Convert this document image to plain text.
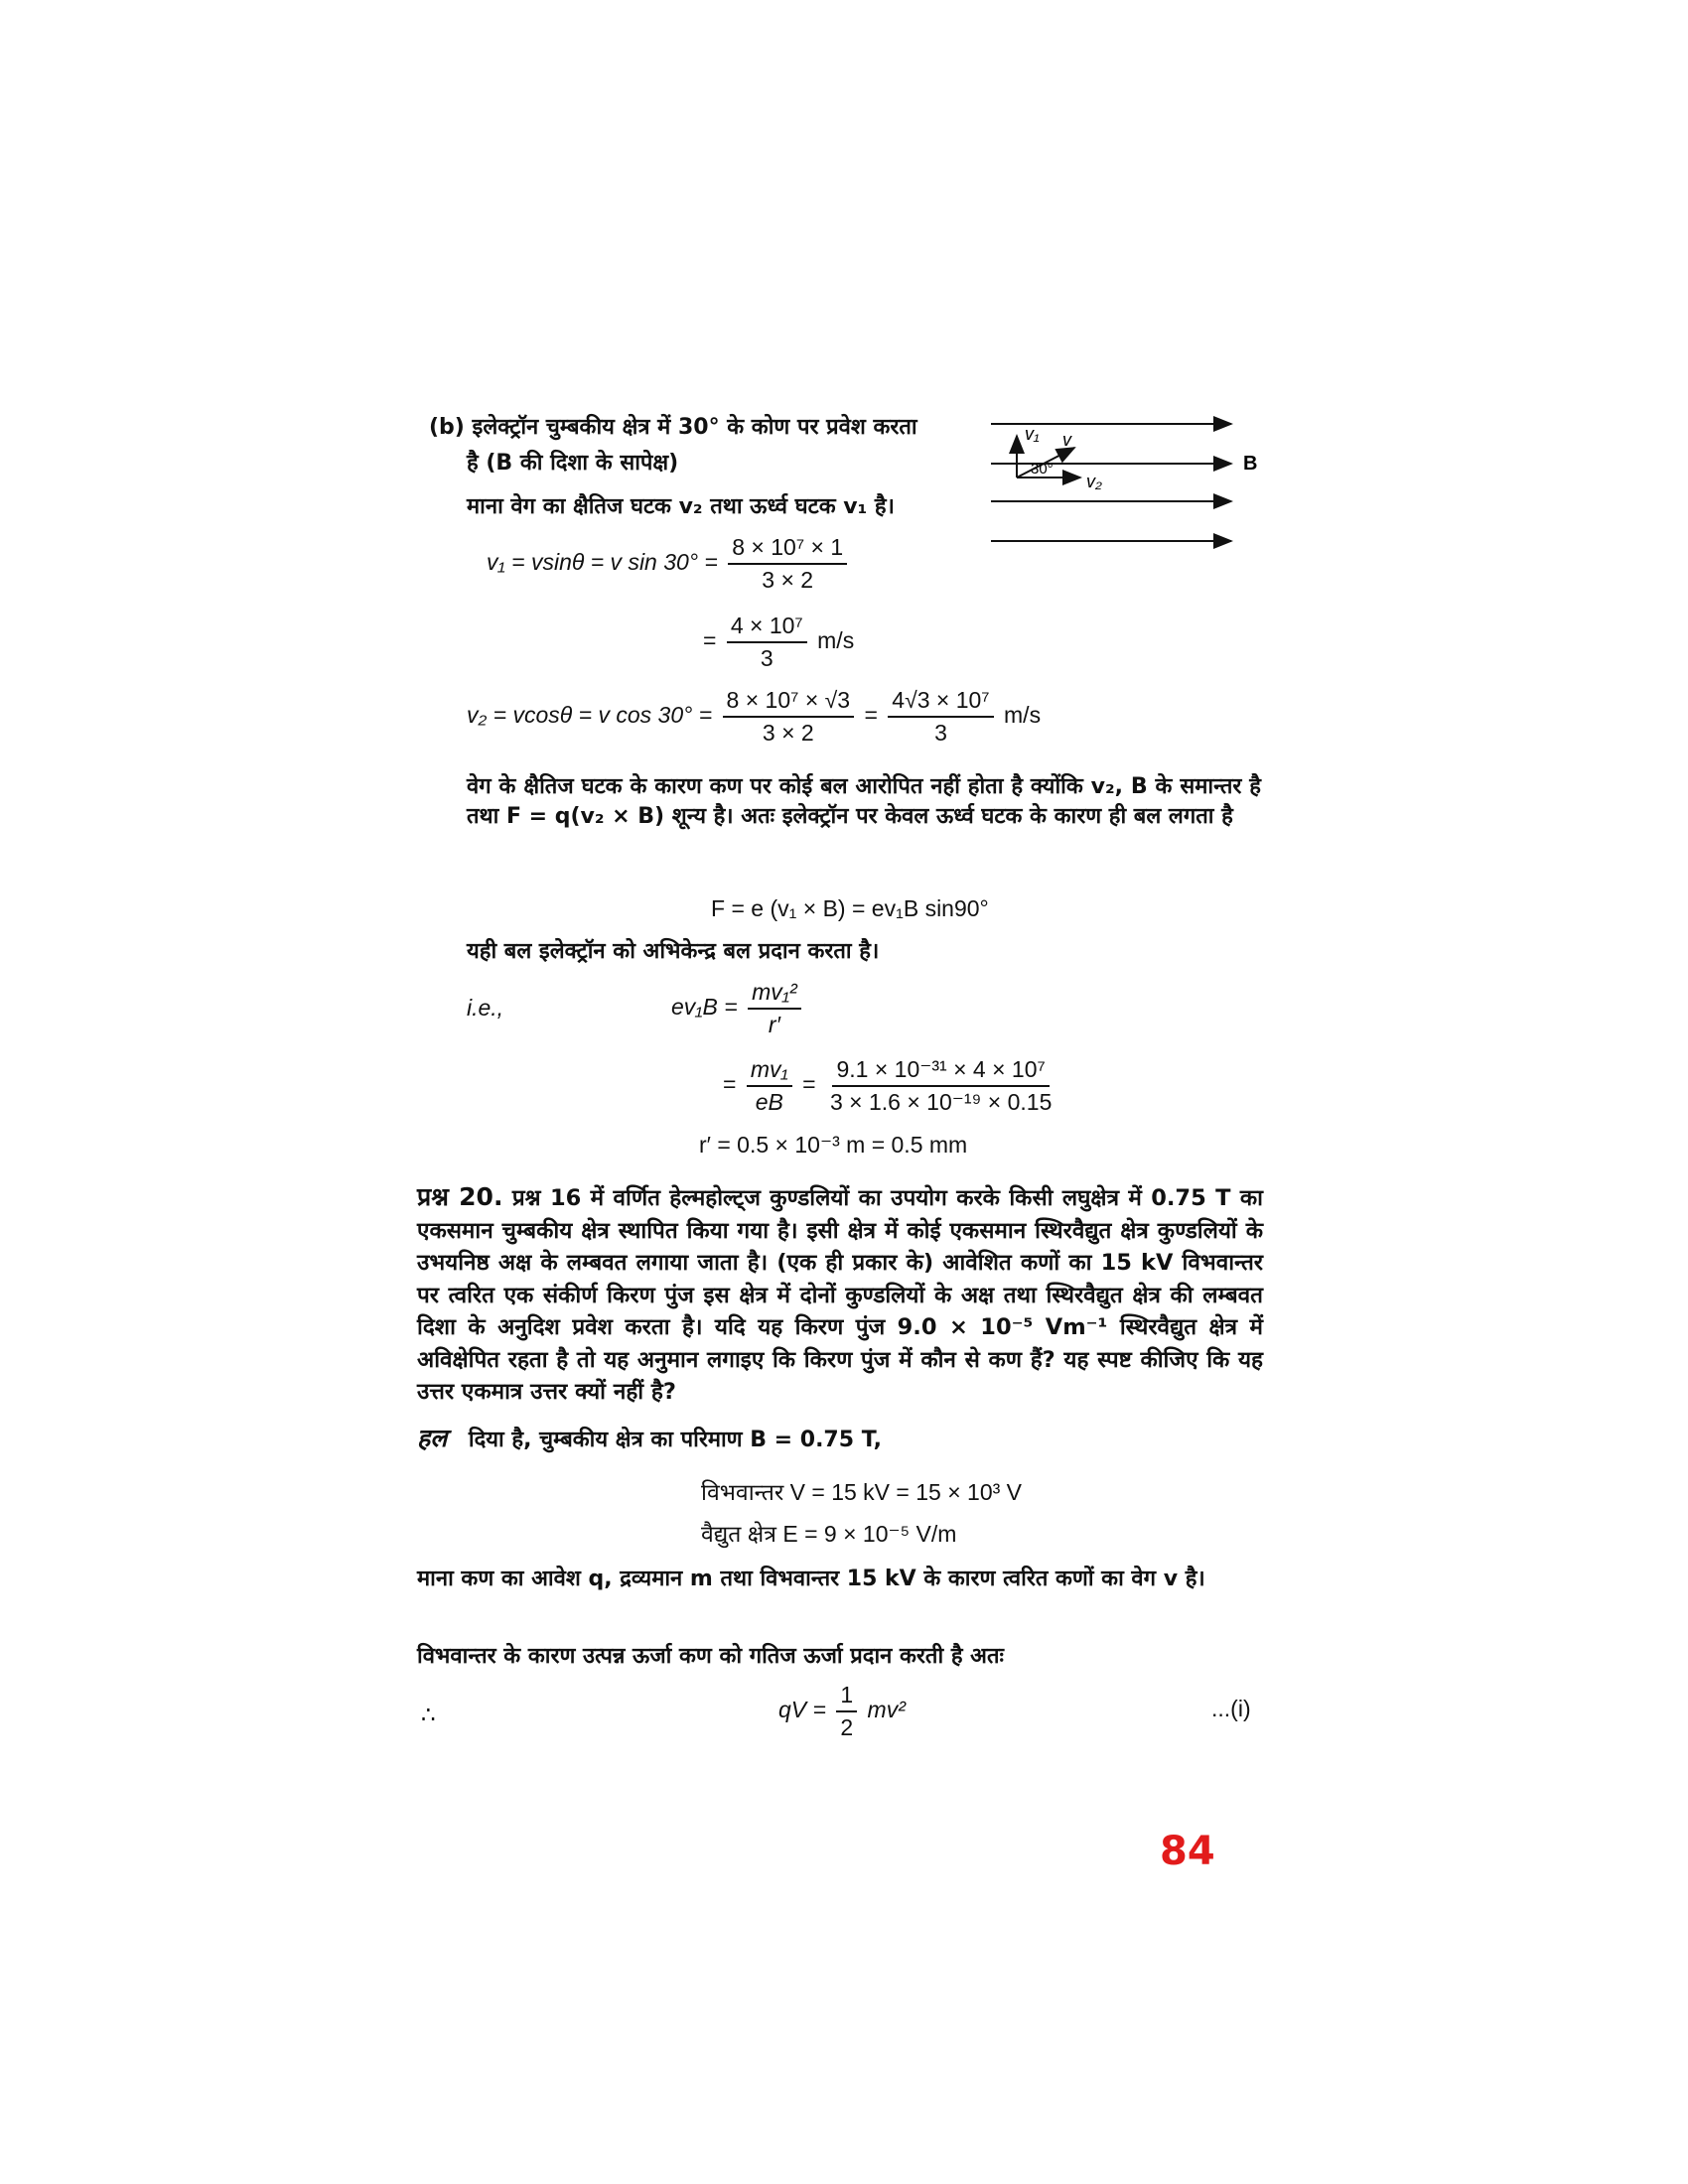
(b) इलेक्ट्रॉन चुम्बकीय क्षेत्र में 30° के कोण पर प्रवेश करता
है (B की दिशा के सापेक्ष)
माना वेग का क्षैतिज घटक v₂ तथा ऊर्ध्व घटक v₁ है।
v₁ v
30°
v₂
B
v₁ = vsinθ = v $\sin 30^\circ = \frac{\text{8 × 10⁷ × 1}}{3 \times 2}$
= $\frac{\text{4 × 10⁷}}{3} m/s$
v₂ = vcosθ = v $\cos 30^\circ = \frac{\text{8 × 10⁷ × √3}}{3 \times 2} = \frac{\text{4√3 × 10⁷}}{3} m/s$
वेग के क्षैतिज घटक के कारण कण पर कोई बल आरोपित नहीं होता है क्योंकि v₂, B के समान्तर है तथा F = q(v₂ × B) शून्य है। अतः इलेक्ट्रॉन पर केवल ऊर्ध्व घटक के कारण ही बल लगता है
F = e (v₁ × B) = ev₁B sin90°
यही बल इलेक्ट्रॉन को अभिकेन्द्र बल प्रदान करता है।
i.e.,	$ev_1B = \frac{\text{mv₁²}}{r'}$
= $\frac{\text{mv₁}}{eB} = \frac{\text{9.1 × 10⁻³¹ × 4 × 10⁷}}{\text{3 × 1.6 × 10⁻¹⁹ × 0.15}}$
r′ = 0.5 × 10⁻³ m = 0.5 mm
प्रश्न 20. प्रश्न 16 में वर्णित हेल्महोल्ट्ज कुण्डलियों का उपयोग करके किसी लघुक्षेत्र में 0.75 T का एकसमान चुम्बकीय क्षेत्र स्थापित किया गया है। इसी क्षेत्र में कोई एकसमान स्थिरवैद्युत क्षेत्र कुण्डलियों के उभयनिष्ठ अक्ष के लम्बवत लगाया जाता है। (एक ही प्रकार के) आवेशित कणों का 15 kV विभवान्तर पर त्वरित एक संकीर्ण किरण पुंज इस क्षेत्र में दोनों कुण्डलियों के अक्ष तथा स्थिरवैद्युत क्षेत्र की लम्बवत दिशा के अनुदिश प्रवेश करता है। यदि यह किरण पुंज 9.0 × 10⁻⁵ Vm⁻¹ स्थिरवैद्युत क्षेत्र में अविक्षेपित रहता है तो यह अनुमान लगाइए कि किरण पुंज में कौन से कण हैं? यह स्पष्ट कीजिए कि यह उत्तर एकमात्र उत्तर क्यों नहीं है?
हल दिया है, चुम्बकीय क्षेत्र का परिमाण B = 0.75 T,
विभवान्तर V = 15 kV = 15 × 10³ V
वैद्युत क्षेत्र E = 9 × 10⁻⁵ V/m
माना कण का आवेश q, द्रव्यमान m तथा विभवान्तर 15 kV के कारण त्वरित कणों का वेग v है।
विभवान्तर के कारण उत्पन्न ऊर्जा कण को गतिज ऊर्जा प्रदान करती है अतः
∴	qV = $\frac{1}{2} mv^2$	...(i)
84
